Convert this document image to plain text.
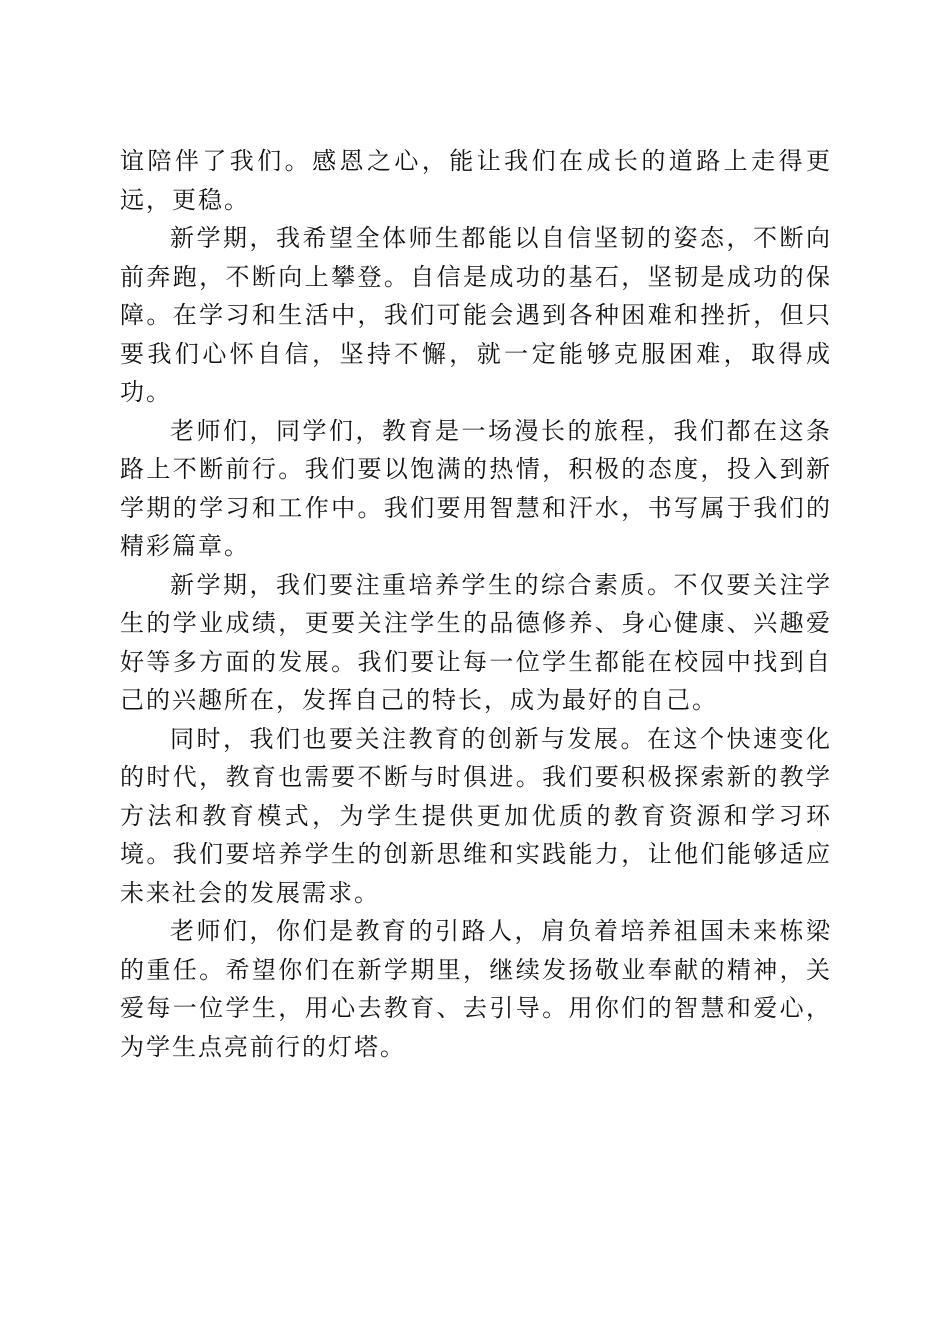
谊陪伴了我们。感恩之心，能让我们在成长的道路上走得更远，更稳。

新学期，我希望全体师生都能以自信坚韧的姿态，不断向前奔跑，不断向上攀登。自信是成功的基石，坚韧是成功的保障。在学习和生活中，我们可能会遇到各种困难和挫折，但只要我们心怀自信，坚持不懈，就一定能够克服困难，取得成功。

老师们，同学们，教育是一场漫长的旅程，我们都在这条路上不断前行。我们要以饱满的热情，积极的态度，投入到新学期的学习和工作中。我们要用智慧和汗水，书写属于我们的精彩篇章。

新学期，我们要注重培养学生的综合素质。不仅要关注学生的学业成绩，更要关注学生的品德修养、身心健康、兴趣爱好等多方面的发展。我们要让每一位学生都能在校园中找到自己的兴趣所在，发挥自己的特长，成为最好的自己。

同时，我们也要关注教育的创新与发展。在这个快速变化的时代，教育也需要不断与时俱进。我们要积极探索新的教学方法和教育模式，为学生提供更加优质的教育资源和学习环境。我们要培养学生的创新思维和实践能力，让他们能够适应未来社会的发展需求。

老师们，你们是教育的引路人，肩负着培养祖国未来栋梁的重任。希望你们在新学期里，继续发扬敬业奉献的精神，关爱每一位学生，用心去教育、去引导。用你们的智慧和爱心，为学生点亮前行的灯塔。
